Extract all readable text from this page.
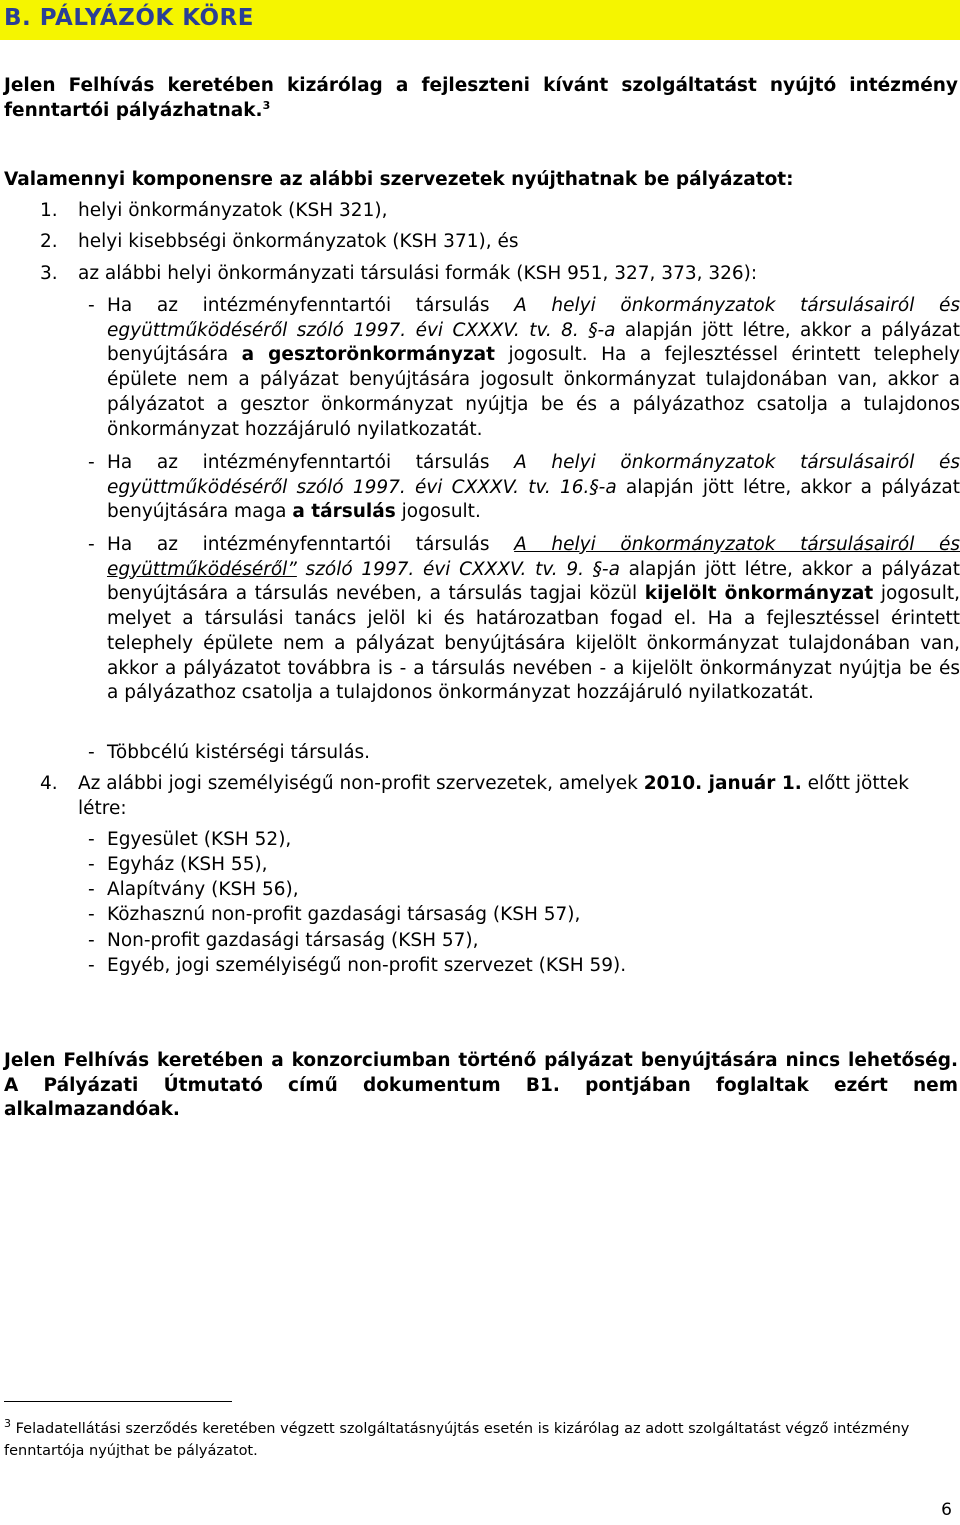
B. PÁLYÁZÓK KÖRE
Jelen Felhívás keretében kizárólag a fejleszteni kívánt szolgáltatást nyújtó intézmény fenntartói pályázhatnak.$^3$
Valamennyi komponensre az alábbi szervezetek nyújthatnak be pályázatot:
1. helyi önkormányzatok (KSH 321),
2. helyi kisebbségi önkormányzatok (KSH 371), és
3. az alábbi helyi önkormányzati társulási formák (KSH 951, 327, 373, 326):
- Ha az intézményfenntartói társulás A helyi önkormányzatok társulásairól és együttműködéséről szóló 1997. évi CXXXV. tv. 8. §-a alapján jött létre, akkor a pályázat benyújtására a gesztorönkormányzat jogosult. Ha a fejlesztéssel érintett telephely épülete nem a pályázat benyújtására jogosult önkormányzat tulajdonában van, akkor a pályázatot a gesztor önkormányzat nyújtja be és a pályázathoz csatolja a tulajdonos önkormányzat hozzájáruló nyilatkozatát.
- Ha az intézményfenntartói társulás A helyi önkormányzatok társulásairól és együttműködéséről szóló 1997. évi CXXXV. tv. 16.§-a alapján jött létre, akkor a pályázat benyújtására maga a társulás jogosult.
- Ha az intézményfenntartói társulás A helyi önkormányzatok társulásairól és együttműködéséről” szóló 1997. évi CXXXV. tv. 9. §-a alapján jött létre, akkor a pályázat benyújtására a társulás nevében, a társulás tagjai közül kijelölt önkormányzat jogosult, melyet a társulási tanács jelöl ki és határozatban fogad el. Ha a fejlesztéssel érintett telephely épülete nem a pályázat benyújtására kijelölt önkormányzat tulajdonában van, akkor a pályázatot továbbra is - a társulás nevében - a kijelölt önkormányzat nyújtja be és a pályázathoz csatolja a tulajdonos önkormányzat hozzájáruló nyilatkozatát.
- Többcélú kistérségi társulás.
4. Az alábbi jogi személyiségű non-profit szervezetek, amelyek 2010. január 1. előtt jöttek létre:
- Egyesület (KSH 52),
- Egyház (KSH 55),
- Alapítvány (KSH 56),
- Közhasznú non-profit gazdasági társaság (KSH 57),
- Non-profit gazdasági társaság (KSH 57),
- Egyéb, jogi személyiségű non-profit szervezet (KSH 59).
Jelen Felhívás keretében a konzorciumban történő pályázat benyújtására nincs lehetőség. A Pályázati Útmutató című dokumentum B1. pontjában foglaltak ezért nem alkalmazandóak.
$^3$ Feladatellátási szerződés keretében végzett szolgáltatásnyújtás esetén is kizárólag az adott szolgáltatást végző intézmény fenntartója nyújthat be pályázatot.
6
